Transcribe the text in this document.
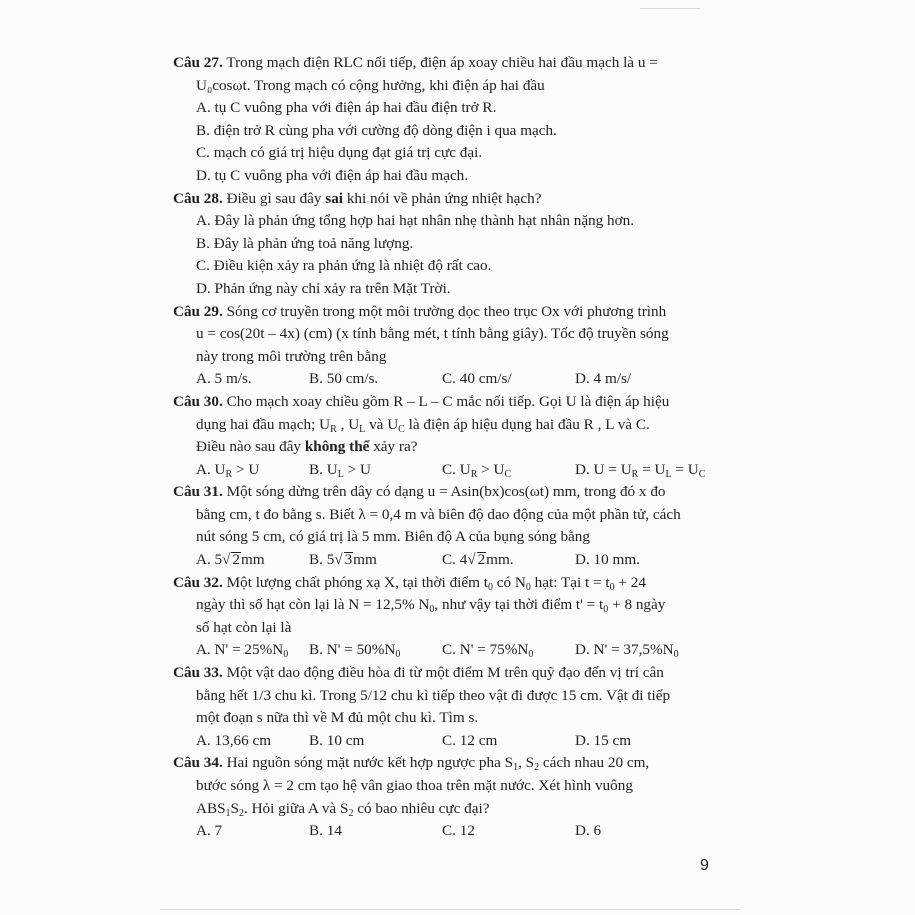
Câu 27. Trong mạch điện RLC nối tiếp, điện áp xoay chiều hai đầu mạch là u =
U₀cosωt. Trong mạch có cộng hưởng, khi điện áp hai đầu
A. tụ C vuông pha với điện áp hai đầu điện trở R.
B. điện trở R cùng pha với cường độ dòng điện i qua mạch.
C. mạch có giá trị hiệu dụng đạt giá trị cực đại.
D. tụ C vuông pha với điện áp hai đầu mạch.
Câu 28. Điều gì sau đây sai khi nói về phản ứng nhiệt hạch?
A. Đây là phản ứng tổng hợp hai hạt nhân nhẹ thành hạt nhân nặng hơn.
B. Đây là phản ứng toả năng lượng.
C. Điều kiện xảy ra phản ứng là nhiệt độ rất cao.
D. Phản ứng này chỉ xảy ra trên Mặt Trời.
Câu 29. Sóng cơ truyền trong một môi trường dọc theo trục Ox với phương trình
u = cos(20t – 4x) (cm) (x tính bằng mét, t tính bằng giây). Tốc độ truyền sóng
này trong môi trường trên bằng
A. 5 m/s.	B. 50 cm/s.	C. 40 cm/s/	D. 4 m/s/
Câu 30. Cho mạch xoay chiều gồm R – L – C mắc nối tiếp. Gọi U là điện áp hiệu
dụng hai đầu mạch; $U_R$ , $U_L$ và $U_C$ là điện áp hiệu dụng hai đầu R , L và C.
Điều nào sau đây không thể xảy ra?
A. $U_R > U$	B. $U_L > U$	C. $U_R > U_C$	D. $U = U_R = U_L = U_C$
Câu 31. Một sóng dừng trên dây có dạng u = Asin(bx)cos(ωt) mm, trong đó x đo
bằng cm, t đo bằng s. Biết λ = 0,4 m và biên độ dao động của một phần tử, cách
nút sóng 5 cm, có giá trị là 5 mm. Biên độ A của bụng sóng bằng
A. 5√ 2mm	B. 5√ 3mm	C. 4√ 2mm.	D. 10 mm.
Câu 32. Một lượng chất phóng xạ X, tại thời điểm $t_0$ có $N_0$ hạt: Tại $t = t_0 + 24$
ngày thì số hạt còn lại là N = 12,5% $N_0$, như vậy tại thời điểm $t' = t_0 + 8$ ngày
số hạt còn lại là
A. $N' = 25\%N_0$	B. $N' = 50\%N_0$	C. $N' = 75\%N_0$	D. $N' = 37,5\%N_0$
Câu 33. Một vật dao động điều hòa đi từ một điểm M trên quỹ đạo đến vị trí cân
bằng hết 1/3 chu kì. Trong 5/12 chu kì tiếp theo vật đi được 15 cm. Vật đi tiếp
một đoạn s nữa thì về M đủ một chu kì. Tìm s.
A. 13,66 cm	B. 10 cm	C. 12 cm	D. 15 cm
Câu 34. Hai nguồn sóng mặt nước kết hợp ngược pha $S_1$, $S_2$ cách nhau 20 cm,
bước sóng λ = 2 cm tạo hệ vân giao thoa trên mặt nước. Xét hình vuông
$ABS_1S_2$. Hỏi giữa A và $S_2$ có bao nhiêu cực đại?
A. 7	B. 14	C. 12	D. 6
9
